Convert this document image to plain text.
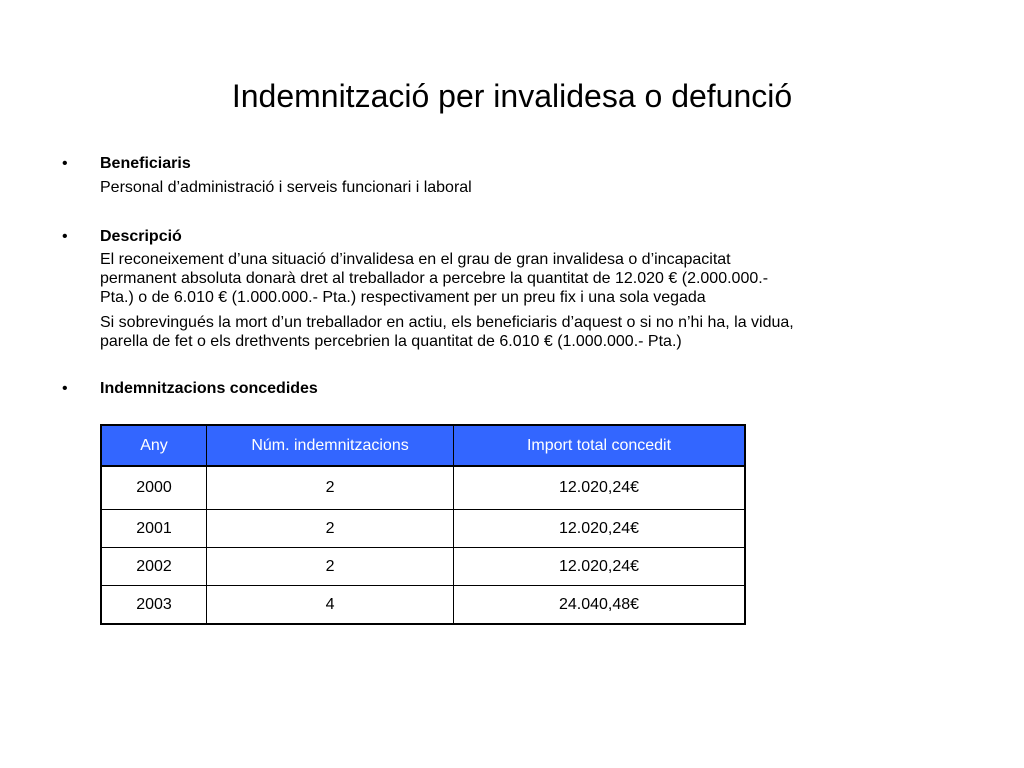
Indemnització per invalidesa o defunció
• Beneficiaris
Personal d’administració i serveis funcionari i laboral
• Descripció
El reconeixement d’una situació d’invalidesa en el grau de gran invalidesa o d’incapacitat
permanent absoluta donarà dret al treballador a percebre la quantitat de 12.020 € (2.000.000.-
Pta.) o de 6.010 € (1.000.000.- Pta.) respectivament per un preu fix i una sola vegada
Si sobrevingués la mort d’un treballador en actiu, els beneficiaris d’aquest o si no n’hi ha, la vidua,
parella de fet o els drethvents percebrien la quantitat de 6.010 € (1.000.000.- Pta.)
• Indemnitzacions concedides
Any	Núm. indemnitzacions	Import total concedit
2000	2	12.020,24€
2001	2	12.020,24€
2002	2	12.020,24€
2003	4	24.040,48€
